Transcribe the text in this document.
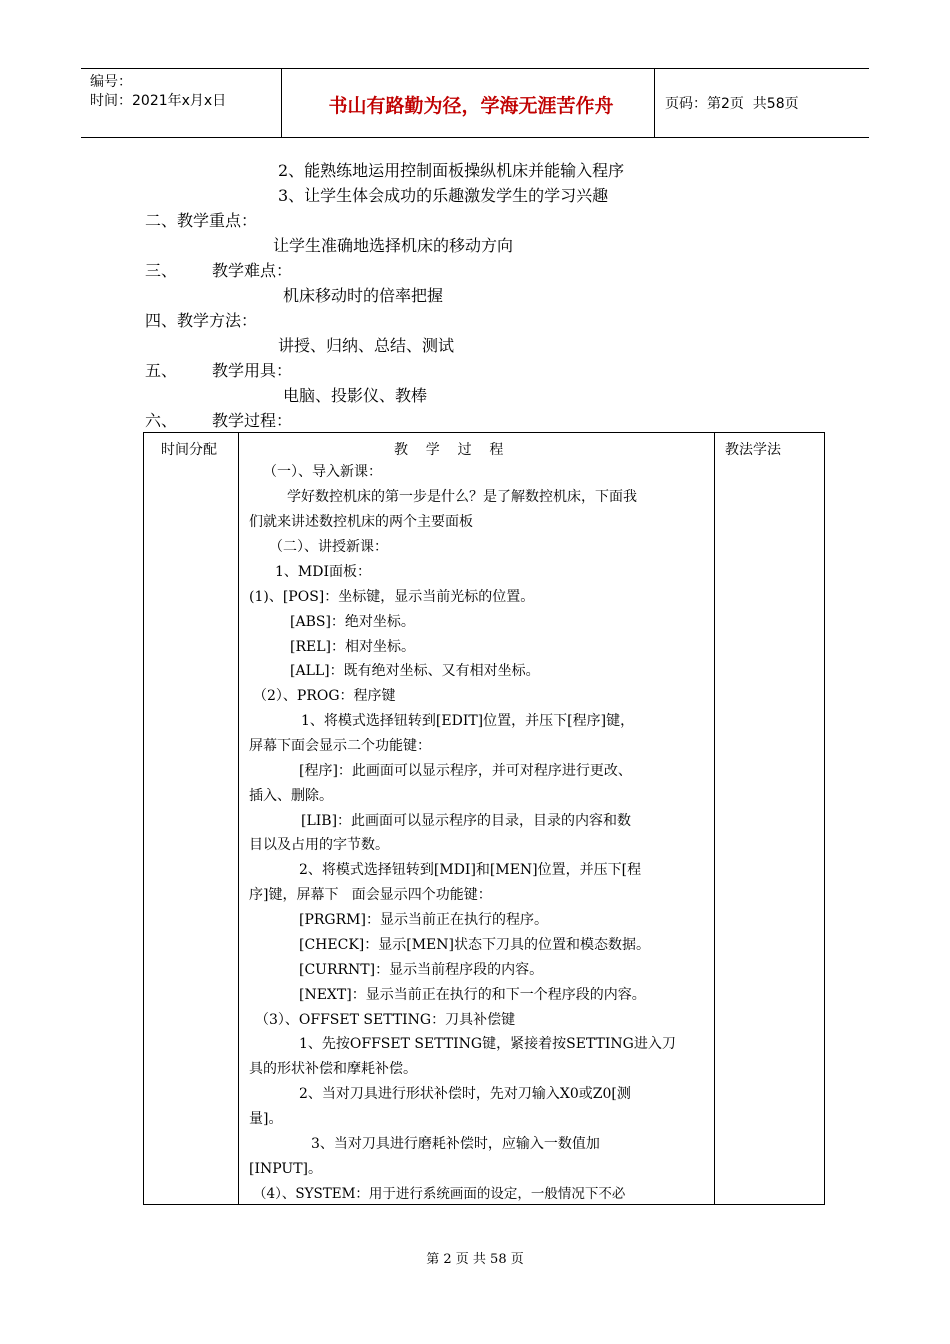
编号：
时间：2021年x月x日	书山有路勤为径，学海无涯苦作舟	页码：第2页  共58页
2、能熟练地运用控制面板操纵机床并能输入程序
3、让学生体会成功的乐趣激发学生的学习兴趣
二、教学重点：
让学生准确地选择机床的移动方向
三、 教学难点：
机床移动时的倍率把握
四、教学方法：
讲授、归纳、总结、测试
五、 教学用具：
电脑、投影仪、教棒
六、 教学过程：
时间分配	教    学    过    程	教法学法
（一）、导入新课：
学好数控机床的第一步是什么？是了解数控机床，下面我
们就来讲述数控机床的两个主要面板
（二）、讲授新课：
1、MDI面板：
(1)、[POS]：坐标键，显示当前光标的位置。
[ABS]：绝对坐标。
[REL]：相对坐标。
[ALL]：既有绝对坐标、又有相对坐标。
（2）、PROG：程序键
1、将模式选择钮转到[EDIT]位置，并压下[程序]键，
屏幕下面会显示二个功能键：
[程序]：此画面可以显示程序，并可对程序进行更改、
插入、删除。
[LIB]：此画面可以显示程序的目录，目录的内容和数
目以及占用的字节数。
2、将模式选择钮转到[MDI]和[MEN]位置，并压下[程
序]键，屏幕下   面会显示四个功能键：
[PRGRM]：显示当前正在执行的程序。
[CHECK]：显示[MEN]状态下刀具的位置和模态数据。
[CURRNT]：显示当前程序段的内容。
[NEXT]：显示当前正在执行的和下一个程序段的内容。
（3）、OFFSET SETTING：刀具补偿键
1、先按OFFSET SETTING键，紧接着按SETTING进入刀
具的形状补偿和摩耗补偿。
2、当对刀具进行形状补偿时，先对刀输入X0或Z0[测
量]。
3、当对刀具进行磨耗补偿时，应输入一数值加
[INPUT]。
（4）、SYSTEM：用于进行系统画面的设定，一般情况下不必
第 2 页 共 58 页
